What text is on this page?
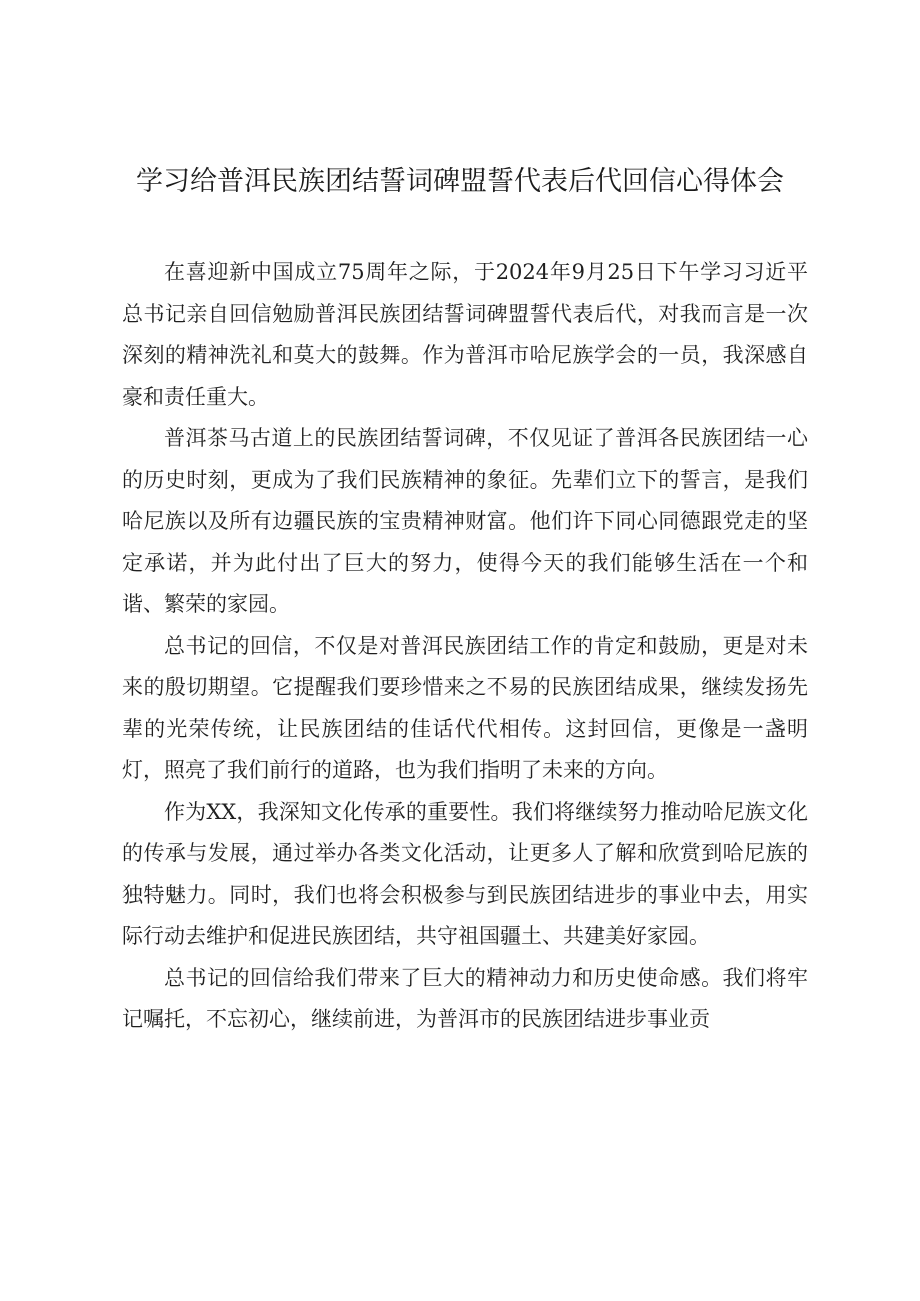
学习给普洱民族团结誓词碑盟誓代表后代回信心得体会

在喜迎新中国成立75周年之际，于2024年9月25日下午学习习近平总书记亲自回信勉励普洱民族团结誓词碑盟誓代表后代，对我而言是一次深刻的精神洗礼和莫大的鼓舞。作为普洱市哈尼族学会的一员，我深感自豪和责任重大。

普洱茶马古道上的民族团结誓词碑，不仅见证了普洱各民族团结一心的历史时刻，更成为了我们民族精神的象征。先辈们立下的誓言，是我们哈尼族以及所有边疆民族的宝贵精神财富。他们许下同心同德跟党走的坚定承诺，并为此付出了巨大的努力，使得今天的我们能够生活在一个和谐、繁荣的家园。

总书记的回信，不仅是对普洱民族团结工作的肯定和鼓励，更是对未来的殷切期望。它提醒我们要珍惜来之不易的民族团结成果，继续发扬先辈的光荣传统，让民族团结的佳话代代相传。这封回信，更像是一盏明灯，照亮了我们前行的道路，也为我们指明了未来的方向。

作为XX，我深知文化传承的重要性。我们将继续努力推动哈尼族文化的传承与发展，通过举办各类文化活动，让更多人了解和欣赏到哈尼族的独特魅力。同时，我们也将会积极参与到民族团结进步的事业中去，用实际行动去维护和促进民族团结，共守祖国疆土、共建美好家园。

总书记的回信给我们带来了巨大的精神动力和历史使命感。我们将牢记嘱托，不忘初心，继续前进，为普洱市的民族团结进步事业贡
